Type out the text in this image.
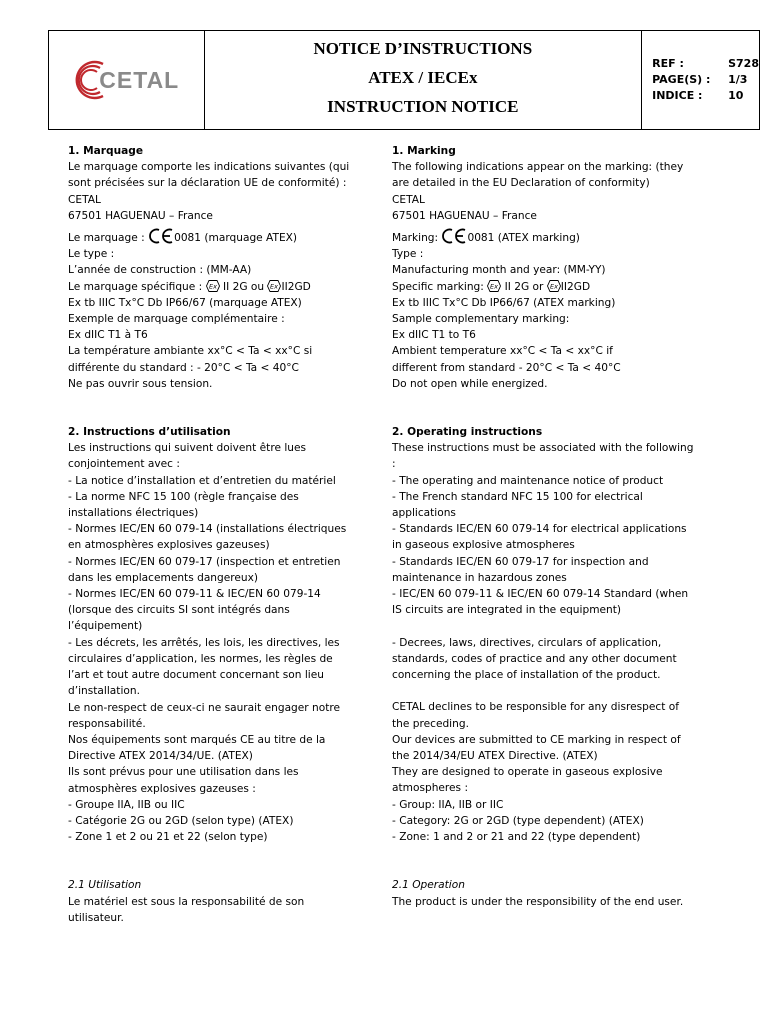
CETAL
NOTICE D’INSTRUCTIONS
ATEX / IECEx
INSTRUCTION NOTICE
REF :	S728
PAGE(S) :	1/3
INDICE :	10
1. Marquage
Le marquage comporte les indications suivantes (qui
sont précisées sur la déclaration UE de conformité) :
CETAL
67501 HAGUENAU – France
Le marquage :	0081 (marquage ATEX)
Le type :
L’année de construction : (MM-AA)
Le marquage spécifique : Ex II 2G ou Ex II2GD
Ex tb IIIC Tx°C Db IP66/67 (marquage ATEX)
Exemple de marquage complémentaire :
Ex dIIC T1 à T6
La température ambiante xx°C < Ta < xx°C si
différente du standard : - 20°C < Ta < 40°C
Ne pas ouvrir sous tension.
2. Instructions d’utilisation
Les instructions qui suivent doivent être lues
conjointement avec :
- La notice d’installation et d’entretien du matériel
- La norme NFC 15 100 (règle française des
installations électriques)
- Normes IEC/EN 60 079-14 (installations électriques
en atmosphères explosives gazeuses)
- Normes IEC/EN 60 079-17 (inspection et entretien
dans les emplacements dangereux)
- Normes IEC/EN 60 079-11 & IEC/EN 60 079-14
(lorsque des circuits SI sont intégrés dans
l’équipement)
- Les décrets, les arrêtés, les lois, les directives, les
circulaires d’application, les normes, les règles de
l’art et tout autre document concernant son lieu
d’installation.
Le non-respect de ceux-ci ne saurait engager notre
responsabilité.
Nos équipements sont marqués CE au titre de la
Directive ATEX 2014/34/UE. (ATEX)
Ils sont prévus pour une utilisation dans les
atmosphères explosives gazeuses :
- Groupe IIA, IIB ou IIC
- Catégorie 2G ou 2GD (selon type) (ATEX)
- Zone 1 et 2 ou 21 et 22 (selon type)
2.1 Utilisation
Le matériel est sous la responsabilité de son
utilisateur.
1. Marking
The following indications appear on the marking: (they
are detailed in the EU Declaration of conformity)
CETAL
67501 HAGUENAU – France
Marking:	0081 (ATEX marking)
Type :
Manufacturing month and year: (MM-YY)
Specific marking: Ex II 2G or Ex II2GD
Ex tb IIIC Tx°C Db IP66/67 (ATEX marking)
Sample complementary marking:
Ex dIIC T1 to T6
Ambient temperature xx°C < Ta < xx°C if
different from standard - 20°C < Ta < 40°C
Do not open while energized.
2. Operating instructions
These instructions must be associated with the following
:
- The operating and maintenance notice of product
- The French standard NFC 15 100 for electrical
applications
- Standards IEC/EN 60 079-14 for electrical applications
in gaseous explosive atmospheres
- Standards IEC/EN 60 079-17 for inspection and
maintenance in hazardous zones
- IEC/EN 60 079-11 & IEC/EN 60 079-14 Standard (when
IS circuits are integrated in the equipment)
- Decrees, laws, directives, circulars of application,
standards, codes of practice and any other document
concerning the place of installation of the product.
CETAL declines to be responsible for any disrespect of
the preceding.
Our devices are submitted to CE marking in respect of
the 2014/34/EU ATEX Directive. (ATEX)
They are designed to operate in gaseous explosive
atmospheres :
- Group: IIA, IIB or IIC
- Category: 2G or 2GD (type dependent) (ATEX)
- Zone: 1 and 2 or 21 and 22 (type dependent)
2.1 Operation
The product is under the responsibility of the end user.
